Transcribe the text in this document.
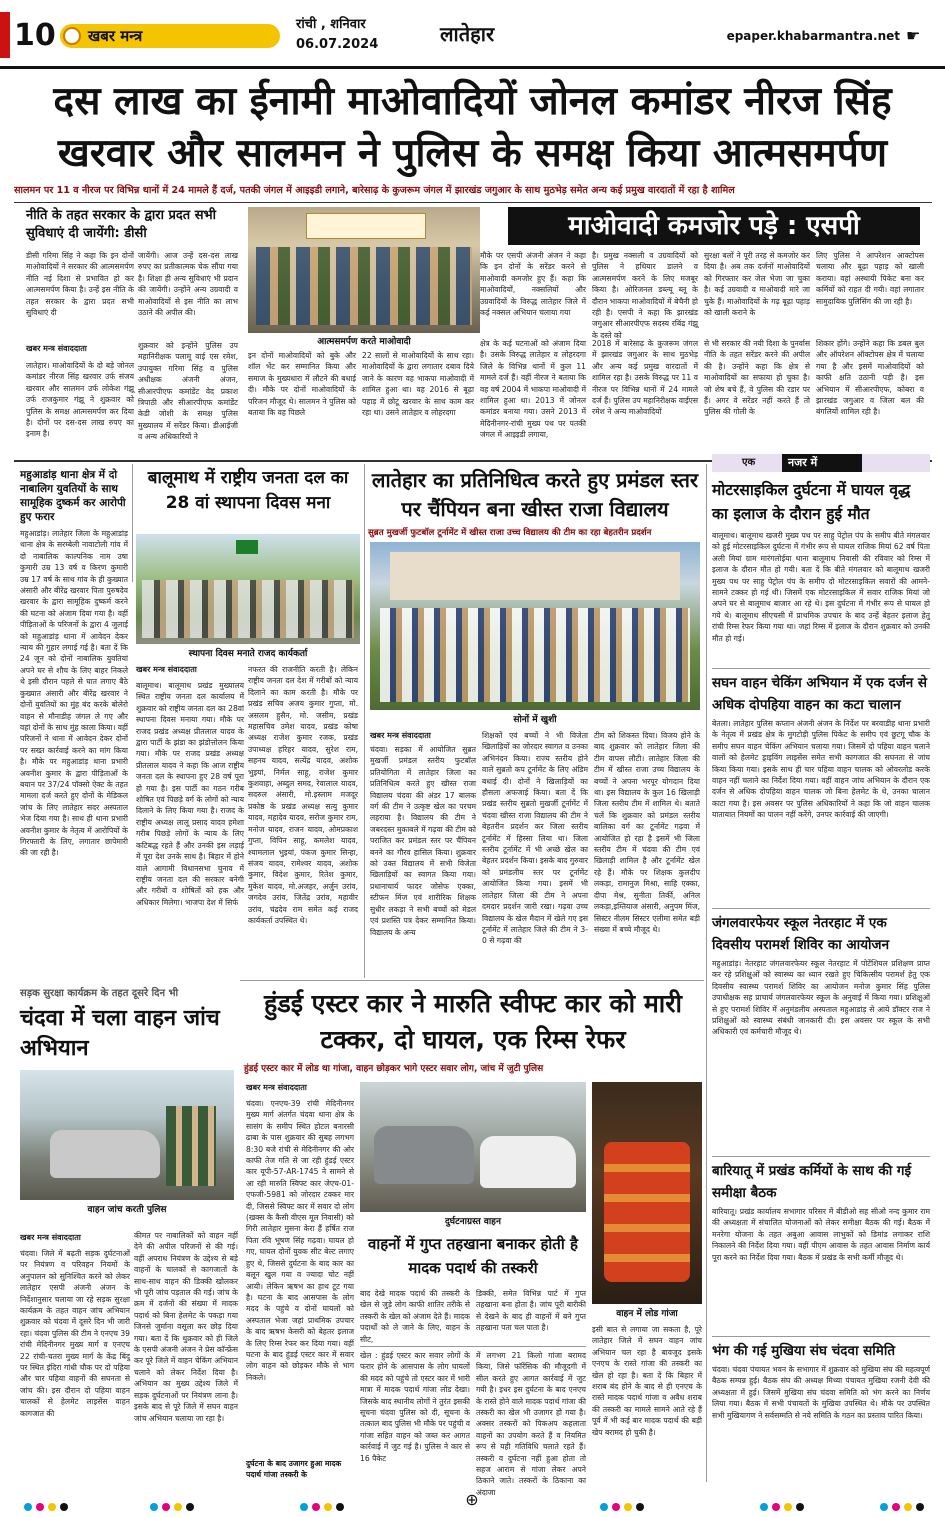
10 खबर मन्त्र
रांची , शनिवार
06.07.2024	लातेहार	epaper.khabarmantra.net ☛
दस लाख का ईनामी माओवादियों जोनल कमांडर नीरज सिंह
खरवार और सालमन ने पुलिस के समक्ष किया आत्मसमर्पण
सालमन पर 11 व नीरज पर विभिन्न थानों में 24 मामले हैं दर्ज, पतकी जंगल में आइइडी लगाने, बारेसाढ़ के कुजरूम जंगल में झारखंड जगुआर के साथ मुठभेड़ समेत अन्य कई प्रमुख वारदातों में रहा है शामिल
नीति के तहत सरकार के द्वारा प्रदत सभी सुविधाएं दी जायेंगी: डीसी
डीसी गरिमा सिंह ने कहा कि इन दोनों माओवादियों ने सरकार की आत्मसमर्पण नीति नई दिशा से प्रभावित हो कर आत्मसमर्पण किया है। उन्हें इस नीति के तहत सरकार के द्वारा प्रदत सभी सुविधाएं दी
खबर मन्त्र संवाददाता
लातेहार। माओवादियों के दो बड़े जोनल कमांडर नीरज सिंह खरवार उर्फ संजय खरवार और सालमन उर्फ लोकेश गंझू उर्फ राजकुमार गंझू ने शुक्रवार को पुलिस के समक्ष आत्मसमर्पण कर दिया है। दोनों पर दस-दस लाख रुपए का इनाम है।
जायेंगी। आज उन्हें दस-दस लाख रुपए का प्रतीकात्मक चेक सौंपा गया है। शिक्षा ही अन्य सुविधाएं भी प्रदान की जायेंगी। उन्होंने अन्य उग्रवादी व माओवादियों से इस नीति का लाभ उठाने की अपील की।
शुक्रवार को इन्होंने पुलिस उप महानिरीक्षक पलामू वाई एस रमेश, उपायुक्त गरिमा सिंह व पुलिस अधीक्षक अंजनी अंजन, सीआरपीएफ कमांडेंट वेद प्रकाश त्रिपाठी और सीआरपीएफ कमांडेंट केडी जोशी के समक्ष पुलिस मुख्यालय में सरेंडर किया। डीआईजी व अन्य अधिकारियों ने
आत्मसमर्पण करते माओवादी
इन दोनों माओवादियों को बुके और शॉल भेंट कर सम्मानित किया और समाज के मुख्यधारा में लौटने की बधाई दी। मौके पर दोनों माओवादियों के परिजन मौजूद थे। सालमन ने पुलिस को बताया कि वह पिछले
22 सालों से माओवादियों के साथ रहा। माओवादियों के द्वारा लगातार दबाव दिये जाने के कारण वह भाकपा माओवादी में शामिल हुआ था। वह 2016 से बूढ़ा पहाड़ में छोटू खरवार के साथ काम कर रहा था। उसने लातेहार व लोहरदगा
माओवादी कमजोर पड़े : एसपी
मौके पर एसपी अंजनी अंजन ने कहा कि इन दोनों के सरेंडर करने से माओवादी कमजोर हुए हैं। कहा कि माओवादियों, नक्सलियों और उग्रवादियों के विरुद्ध लातेहार जिले में कई नक्सल अभियान चलाया गया
क्षेत्र के कई घटनाओं को अंजाम दिया है। उसके विरुद्ध लातेहार व लोहरदगा जिले के विभिन्न थानों में कुल 11 मामले दर्ज हैं। वहीं नीरज ने बताया कि वह वर्ष 2004 में भाकपा माओवादी में शामिल हुआ था। 2013 में जोनल कमांडर बनाया गया। उसने 2013 में मेदिनीनगर-रांची मुख्य पथ पर पतकी जंगल में आइइडी लगाया,
है। प्रमुख नक्सली व उग्रवादियों को पुलिस ने हथियार डालने व आत्मसमर्पण करने के लिए मजबूर किया है। ओरिजनल डब्ल्यू ब्लू के दौरान भाकपा माओवादियों में बेचैनी हो रही है। एसपी ने कहा कि झारखंड जगुआर सीआरपीएफ सदस्य रबिंद्र गंझू के दस्ते को
2018 में बारेसाढ़ के कुजरूम जंगल में झारखंड जगुआर के साथ मुठभेड़ और अन्य कई प्रमुख वारदातों में शामिल रहा है। उसके विरुद्ध पर 11 व नीरज पर विभिन्न थानों में 24 मामले दर्ज हैं। पुलिस उप महानिरीक्षक वाईएस रमेश ने अन्य माओवादियों
सुरक्षा बलों ने पूरी तरह से कमजोर कर दिया है। अब तक दर्जनों माओवादियों को गिरफ्तार कर जेल भेजा जा चुका है। कई उग्रवादी व माओवादी मारे जा चुके हैं। माओवादियों के गढ़ बूढ़ा पहाड़ को खाली कराने के
से भी सरकार की नयी दिशा के पुनर्वास नीति के तहत सरेंडर करने की अपील की है। उन्होंने कहा कि क्षेत्र से माओवादियों का सफाया हो चुका है। जो शेष बचे हैं, वे पुलिस की रडार पर हैं। अगर वे सरेंडर नहीं करते हैं तो पुलिस की गोली के
लिए पुलिस ने आपरेशन आक्टोपस चलाया और बूढ़ा पहाड़ को खाली कराया। वहां अस्थायी पिकेट बना कर कर्मियों को राहत दी गयी। वहां लगातार सामुदायिक पुलिसिंग की जा रही है।
शिकार होंगे। उन्होंने कहा कि डबल बुल और ऑपरेशन ऑक्टोपस क्षेत्र में चलाया गया है और इसमें माओवादियों को काफी क्षति उठानी पड़ी है। इस अभियान में सीआरपीएफ, कोबरा व झारखंड जगुआर व जिला बल की बंगलियों शामिल रही है।
महुआडांड़ थाना क्षेत्र में दो नाबालिग युवतियों के साथ सामूहिक दुष्कर्म कर आरोपी हुए फरार
महुआडांड़। लातेहार जिला के महुआडांड़ थाना क्षेत्र के सरम्बेली नावाटोली गांव में दो नाबालिक काल्पनिक नाम उषा कुमारी उम्र 13 वर्ष व किरण कुमारी उम्र 17 वर्ष के साथ गांव के ही कुख्यात अंसारी और बीरेंद्र खरवार पिता पुरुषदेव खरवार के द्वारा सामूहिक दुष्कर्म करने की घटना को अंजाम दिया गया है। वहीं पीड़िताओं के परिजनों के द्वारा 4 जुलाई को महुआडांड़ थाना में आवेदन देकर न्याय की गुहार लगाई गई है। बता दें कि 24 जून को दोनों नाबालिक युवतियां अपने घर से शौच के लिए बाहर निकले थे इसी दौरान पहले से घात लगाए बैठे कुख्यात अंसारी और बीरेंद्र खरवार ने दोनों युवतियों का मुंह बंद करके बोलेरो वाहन से मौनाडीह जंगल ले गए और वहां दोनों के साथ मुंह काला किया। वहीं परिजनों ने थाना में आवेदन देकर दोनों पर सख्त कार्रवाई करने का मांग किया है। मौके पर महुआडांड़ थाना प्रभारी अवनीश कुमार के द्वारा पीड़िताओं के बयान पर 37/24 पॉक्सो ऐक्ट के तहत मामला दर्ज करते हुए दोनों के मेडिकल जांच के लिए लातेहार सदर अस्पताल भेज दिया गया है। साथ ही थाना प्रभारी अवनीश कुमार के नेतृत्व में आरोपियों के गिरफ्तारी के लिए, लगातार छापेमारी की जा रही है।
सड़क सुरक्षा कार्यक्रम के तहत दूसरे दिन भी
चंदवा में चला वाहन जांच अभियान
वाहन जांच करती पुलिस
खबर मन्त्र संवाददाता
चंदवा। जिले में बढ़ती सड़क दुर्घटनाओं पर नियंत्रण व परिवहन नियमों के अनुपालन को सुनिश्चित करने को लेकर लातेहार एसपी अंजनी अंजन के निर्देशानुसार चलाया जा रहे सड़क सुरक्षा कार्यक्रम के तहत वाहन जांच अभियान शुक्रवार को चंदवा में दूसरे दिन भी जारी रहा। चंदवा पुलिस की टीम ने एनएच 39 रांची मेदिनीनगर मुख्य मार्ग व एनएच 22 रांची-चतरा मुख्य मार्ग के केंद्र बिंदु पर स्थित इंदिरा गांधी चौक पर दो पहिया और चार पहिया वाहनों की सघनता से जांच की। इस दौरान दो पहिया वाहन चालकों से हेलमेट लाइसेंस वाहन कागजात की
कीमत पर नाबालिकों को वाहन नहीं देने की अपील परिजनों से की गई। वहीं अपराध नियंत्रण के उद्देश्य से बड़े वाहनों के चालकों से कागजातों के साथ-साथ वाहन की डिक्की खोलकर भी पूरी जांच पड़ताल की गई। जांच के क्रम में दर्जनों की संख्या में मादक पदार्थ को बिना हेलमेट के पकड़ा गया जिनसे जुर्माना वसूला कर छोड़ दिया गया। बता दें कि थुक्रवार को ही जिले के एसपी अंजनी अंजन ने प्रेस कॉन्फ्रेंस कर पूरे जिले में वाहन चेकिंग अभियान चलाने को लेकर निर्देश दिया है। अभियान का मुख्य उद्देश्य जिले में सड़क दुर्घटनाओं पर नियंत्रण लाना है। इसके बाद से पूरे जिले में सघन वाहन जांच अभियान चलाया जा रहा है।
बालूमाथ में राष्ट्रीय जनता दल का 28 वां स्थापना दिवस मना
स्थापना दिवस मनाते राजद कार्यकर्ता
खबर मन्त्र संवाददाता
बालूमाथ। बालूमाथ प्रखंड मुख्यालय स्थित राष्ट्रीय जनता दल कार्यालय में शुक्रवार को राष्ट्रीय जनता दल का 28वां स्थापना दिवस मनाया गया। मौके पर राजद प्रखंड अध्यक्ष प्रीतलाल यादव के द्वारा पार्टी के झंडा का झंडोत्तोलन किया गया। मौके पर राजद प्रखंड अध्यक्ष प्रीतलाल यादव ने कहा कि आज राष्ट्रीय जनता दल के स्थापना हुए 28 वर्ष पूरा हो गया है। इस पार्टी का गठन गरीब शोषित एवं पिछड़े वर्ग के लोगों को न्याय दिलाने के लिए किया गया है। राजद के राष्ट्रीय अध्यक्ष लालू प्रसाद यादव हमेशा गरीब पिछड़े लोगों के न्याय के लिए कटिबद्ध रहते हैं और उनकी इस लड़ाई में पूरा देश उनके साथ है। बिहार में होने वाले आगामी विधानसभा चुनाव में राष्ट्रीय जनता दल की सरकार बनेगी और गरीबों व शोषितों को हक और अधिकार मिलेगा। भाजपा देश में सिर्फ
नफरत की राजनीति करती है। लेकिन राष्ट्रीय जनता दल देश में गरीबों को न्याय दिलाने का काम करती है। मौके पर प्रखंड सचिव अजय कुमार गुप्ता, मो. असलम हुसैन, मो. जसीम, प्रखंड महासचिव उमेश यादव, प्रखंड कोषा अध्यक्ष राजेश कुमार रजक, प्रखंड उपाध्यक्ष हरिहर यादव, सुरेश राम, सहनय यादव, सत्येंद्र यादव, अशोक भुइयां, निर्मल साहू, राजेश कुमार कुशवाहा, अब्दुल समद, रेवालाल यादव, सदरुल अंसारी, मो.इस्लाम मजदूर प्रकोष्ठ के प्रखंड अध्यक्ष सत्यु कुमार यादव, महादेव यादव, सरोज कुमार राम, मनोज यादव, राजन यादव, ओमप्रकाश गुप्ता, विपिन साहू, कमलेश यादव, श्यामलाल भुइयां, पंकज कुमार सिन्हा, संजय यादव, रामेश्वर यादव, अशोक कुमार, विदेश कुमार, रितेश कुमार, मुकेश यादव, मो.अजहर, अर्जुन उरांव, जगदेव उरांव, जितेंद्र उरांव, महावीर उरांव, चंद्रदेव राम समेत कई राजद कार्यकर्ता उपस्थित थे।
लातेहार का प्रतिनिधित्व करते हुए प्रमंडल स्तर पर चैंपियन बना खीस्त राजा विद्यालय
सुब्रत मुखर्जी फुटबॉल टूर्नामेंट में खीस्त राजा उच्च विद्यालय की टीम का रहा बेहतरीन प्रदर्शन
सोनों में खुशी
खबर मन्त्र संवाददाता
चंदवा। सड़का में आयोजित सुब्रत मुखर्जी प्रमंडल स्तरीय फुटबॉल प्रतियोगिता में लातेहार जिला का प्रतिनिधित्व करते हुए खीस्त राजा विद्यालय चंदवा की अंडर 17 बालक वर्ग की टीम ने उत्कृष्ट खेल का परचम लहराया है। विद्यालय की टीम ने जबरदस्त मुकाबले में गढ़वा की टीम को पराजित कर प्रमंडल स्तर पर चैंपियन बनने का गौरव हासिल किया। शुक्रवार को उक्त विद्यालय में सभी विजेता खिलाड़ियों का स्वागत किया गया। प्रधानाचार्य फादर जोसेफ एक्का, स्टीफन मिंज एवं शारीरिक शिक्षक सुधीर लकड़ा ने सभी बच्चों को मेडल एवं प्रशस्ति पत्र देकर सम्मानित किया। विद्यालय के अन्य
शिक्षकों एवं बच्चों ने भी विजेता खिलाड़ियों का जोरदार स्वागत व उनका अभिनंदन किया। राज्य स्तरीय होने वाले सुब्रतो कप टूर्नामेंट के लिए अंडिम बधाई दी। दोनों ने खिलाड़ियों का हौसला अफजाई किया। बता दें कि प्रखंड स्तरीय सुब्रतो मुखर्जी टूर्नामेंट में चंदवा खीस्त राजा विद्यालय की टीम ने बेहतरीन प्रदर्शन कर जिला स्तरीय टूर्नामेंट में हिस्सा लिया था। जिला स्तरीय टूर्नामेंट में भी अच्छे खेल का बेहतर प्रदर्शन किया। इसके बाद गुरुवार को प्रमंडलीय स्तर पर टूर्नामेंट आयोजित किया गया। इसमें भी लातेहार जिला की टीम ने अपना दमदार प्रदर्शन जारी रखा। गढ़वा उच्च विद्यालय के खेल मैदान में खेले गए इस टूर्नामेंट में लातेहार जिले की टीम ने 3-0 से गढ़वा की
टीम को शिकस्त दिया। विजय होने के बाद शुक्रवार को लातेहार जिला की टीम वापस लौटी। लातेहार जिला की टीम में खीस्त राजा उच्च विद्यालय के बच्चों ने अपना भरपूर योगदान दिया था। इस विद्यालय के कुल 16 खिलाड़ी जिला स्तरीय टीम में शामिल थे। बताते चलें कि शुक्रवार को प्रमंडल स्तरीय बालिका वर्ग का टूर्नामेंट गढ़वा में आयोजित हो रहा है इसमें भी जिला स्तरीय टीम में चंदवा की टीम एवं खिलाड़ी शामिल है और टूर्नामेंट खेल रहे हैं। मौके पर शिक्षक कुलदीप लकड़ा, रामानुज मिश्रा, साहि एक्का, दीपा मेश्र, सुनीता तिर्की, अनिल लकड़ा,इम्तियाज अंसारी, अनुपम मिंज, सिस्टर नीलम सिस्टर एलीमा समेत बड़ी संख्या में बच्चे मौजूद थे।
हुंडई एस्टर कार ने मारुति स्वीफ्ट कार को मारी टक्कर, दो घायल, एक रिम्स रेफर
हुंडई एस्टर कार में लोड था गांजा, वाहन छोड़कर भागे एस्टर सवार लोग, जांच में जुटी पुलिस
खबर मन्त्र संवाददाता
चंदवा। एनएच-39 रांची मेदिनीनगर मुख्य मार्ग अंतर्गत चंदवा थाना क्षेत्र के सासंग के समीप स्थित होटल बनारसी ढाबा के पास शुक्रवार की सुबह लगभग 8:30 बजे रांची से मेदिनीनगर की ओर काफी तेज गति से जा रही हुंडई एस्टर कार यूपी-57-AR-1745 ने सामने से आ रही मारुति स्विफ्ट कार जेएच-01-एफजी-5981 को जोरदार टक्कर मार दी, जिससे स्विफ्ट कार में सवार दो लोग (खक्स के कैसी वीएस मूल निवासी) को गिरी लातेहार मुसना केरा हैं हर्षित राज पिता रवि भूषण सिंह गढ़वा। घायल हो गए, घायल दोनों युवक सीट बेल्ट लगाए हुए थे, जिससे दुर्घटना के बाद कार का बलून खुल गया व ज्यादा चोट नहीं आयी। लेकिन ऋषभ का हाथ टूट गया है। घटना के बाद आसपास के लोग मदद के पहुंचे व दोनों घायलों को अस्पताल भेजा जहां प्राथमिक उपचार के बाद ऋषभ केसरी को बेहतर इलाज के लिए रिम्स रेफर कर दिया गया। वहीं घटना के बाद हुंडई एस्टर कार में सवार लोग वाहन को छोड़कर मौके से भाग निकले।
दुर्घटना के बाद उजागर हुआ मादक पदार्थ गांजा तस्करी के
दुर्घटनाग्रस्त वाहन
वाहनों में गुप्त तहखाना बनाकर होती है मादक पदार्थ की तस्करी
बाद देखे मादक पदार्थ की तस्करी के खेल से जुड़े लोग काफी शातिर तरीके से तस्करी के खेल को अंजाम देते हैं। मादक पदार्थों को ले जाने के लिए, वाहन के सीट,
डिक्की, समेत विभिन्न पार्ट में गुप्त तहखाना बना होता है। जांच पूरी बारीकी से देखने के बाद ही वाहनों में बने गुप्त तहखाना पता चल पाता है।
खेल : हुंडई एस्टर कार सवार लोगों के फरार होने के आसपास के लोग घायलों की मदद को पहुंचे तो एस्टर कार में भारी मात्रा में मादक पदार्थ गांजा लोड देखा। जिसके बाद स्थानीय लोगों ने तुरंत इसकी सूचना चंदवा पुलिस को दी, सूचना के तत्काल बाद पुलिस भी मौके पर पहुंची व गांजा सहित वाहन को जब्त कर आगत कार्रवाई में जुट गई है। पुलिस ने कार से 16 पैकेट
में लगभग 21 किलो गांजा बरामद किया, जिसे फॉरेंसिक की मौजूदगी में सील करते हुए आगत कार्रवाई में जुट गयी है। इधर इस दुर्घटना के बाद एनएच के रास्ते होने वाले मादक पदार्थ गांजा की तस्करी का खेल भी उजागर हो गया है। अक्सर तस्करों को पिकअप कहलाता वाहनों का उपयोग करते हैं व नियमित रूप से यही गतिविधि चलाते रहते हैं। तस्करी व दुर्घटना नहीं हुआ होता तो सहज आराम से गांजा लेकर अपने ठिकाने जाते। तस्करों के ठिकाना का अंदाजा
वाहन में लोड गांजा
इसी बात से लगाया जा सकता है, पूरे लातेहार जिले में सघन वाहन जांच अभियान चल रहा है बावजूद इसके एनएच के रास्ते गांजा की तस्करी का खेल हो रहा है। बता दें कि बिहार में शराब बंद होने के बाद से ही एनएच के रास्ते मादक पदार्थ गांजा व अवैध शराब की तस्करी का मामले सामने आते रहे हैं पूर्व में भी कई बार मादक पदार्थ की बड़ी खेप बरामद हो चुकी है।
एक	नजर में
मोटरसाइकिल दुर्घटना में घायल वृद्ध का इलाज के दौरान हुई मौत
बालूमाथ। बालूमाथ खजरी मुख्य पथ पर साहु पेट्रोल पंप के समीप बीते मंगलवार को हुई मोटरसाइकिल दुर्घटना में गंभीर रूप से घायल राजिक मियां 62 वर्ष पिता अली मियां ग्राम मारंगलोईया थाना बालूमाथ निवासी की रविवार को रिम्स में इलाज के दौरान मौत हो गयी। बता दें कि बीते मंगलवार को बालूमाथ खजरी मुख्य पथ पर साहु पेट्रोल पंप के समीप दो मोटरसाइकिल सवारों की आमने-सामने टक्कर हो गई थी। जिसमें एक मोटरसाइकिल में सवार राजिक मियां जो अपने घर से बालूमाथ बाजार आ रहे थे। इस दुर्घटना में गंभीर रूप से घायल हो गये थे। बालूमाथ सीएचसी में प्राथमिक उपचार के बाद उन्हें बेहतर इलाज हेतु रांची रिम्स रेफर किया गया था। जहां रिम्स में इलाज के दौरान शुक्रवार को उनकी मौत हो गई।
सघन वाहन चेकिंग अभियान में एक दर्जन से अधिक दोपहिया वाहन का कटा चालान
बेतला। लातेहार पुलिस कप्तान अंजनी अंजन के निर्देश पर बरवाडीह थाना प्रभारी के नेतृत्व में प्रखंड क्षेत्र के मुगटोड़ी पुलिस पिकेट के समीप एवं छुटगू चौक के समीप सघन वाहन चेकिंग अभियान चलाया गया। जिसमें दो पहिया वाहन चलाने वालों को हेलमेट ड्राइविंग लाइसेंस समेत सभी कागजात की सघनता से जांच किया किया गया। इसके साथ ही चार पहिया वाहन चालक को ओवरलोड करके वाहन नहीं चलाने का निर्देश दिया गया। वहीं वाहन जांच अभियान के दौरान एक दर्जन से अधिक दोपहिया वाहन चालक जो बिना हेलमेट के थे, उनका चालान काटा गया है। इस अवसर पर पुलिस अधिकारियों ने कहा कि जो वाहन चालक यातायात नियमों का पालन नहीं करेंगे, उनपर कार्रवाई की जाएगी।
जंगलवारफेयर स्कूल नेतरहाट में एक दिवसीय परामर्श शिविर का आयोजन
महुआडांड़। नेतरहाट जंगलवारफेयर स्कूल नेतरहाट में पोटेंशियल प्रशिक्षण प्राप्त कर रहे प्रशिक्षुओं को स्वास्थ्य का ध्यान रखते हुए चिकित्सीय परामर्श हेतु एक दिवसीय स्वास्थ्य परामर्श शिविर का आयोजन मनोज कुमार सिंह पुलिस उपाधीक्षक सह प्राचार्य जंगलवारफेयर स्कूल के अनुवाई में किया गया। प्रशिक्षुओं से हुए परामर्श शिविर में अनुमंडलीय अस्पताल महुआडांड़ से आये डॉक्टर राज ने प्रशिक्षुओं को स्वास्थ्य संबंधी जानकारी दी। इस अवसर पर स्कूल के सभी अधिकारी एवं कर्मचारी मौजूद थे।
बारियातू में प्रखंड कर्मियों के साथ की गई समीक्षा बैठक
बारियातू। प्रखंड कार्यालय सभागार परिसर में बीडीओ सह सीओ नन्द कुमार राम की अध्यक्षता में संचालित योजनाओं को लेकर समीक्षा बैठक की गई। बैठक में मनरेगा योजना के तहत अबुआ आवास लाभुकों को डिमांड लगाकर राशि निकालने की निर्देश दिया गया। वहीं पीएम आवास के तहत आवास निर्माण कार्य पूरा करने का निर्देश दिया गया। बैठक में प्रखंड के सभी कर्मी मौजूद थे।
भंग की गई मुखिया संघ चंदवा समिति
चंदवा। चंदवा पंचायत भवन के सभागार में शुक्रवार को मुखिया संघ की महत्वपूर्ण बैठक सम्पन्न हुई। बैठक संघ की अध्यक्ष मिथ्या पंचायत मुखिया रजनी देवी की अध्यक्षता में हुई। जिसमें मुखिया संघ चंदवा समिति को भंग करने का निर्णय लिया गया। बैठक में सभी पंचायतों के मुखिया उपस्थित थे। मौके पर उपस्थित सभी मुखियागण ने सर्वसम्मति से नये समिति के गठन का प्रस्ताव पारित किया।
⊕
